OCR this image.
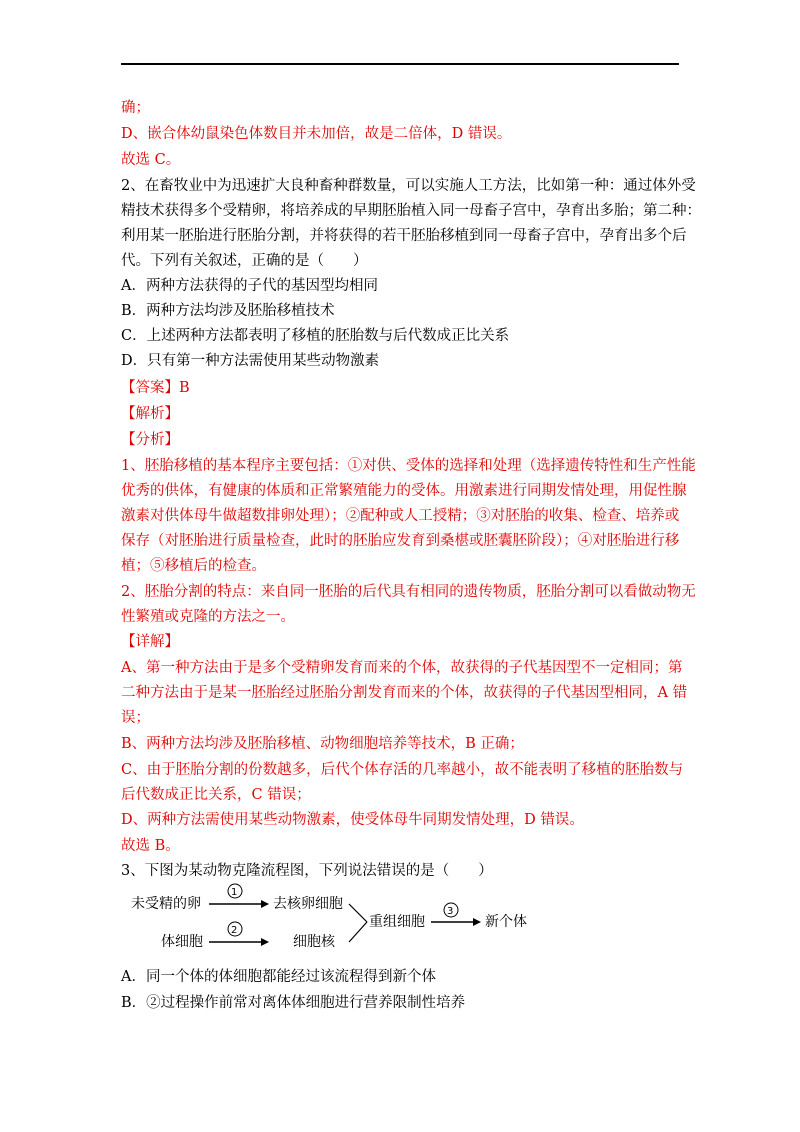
确；
D、嵌合体幼鼠染色体数目并未加倍，故是二倍体，D 错误。
故选 C。
2、在畜牧业中为迅速扩大良种畜种群数量，可以实施人工方法，比如第一种：通过体外受
精技术获得多个受精卵，将培养成的早期胚胎植入同一母畜子宫中，孕育出多胎；第二种：
利用某一胚胎进行胚胎分割，并将获得的若干胚胎移植到同一母畜子宫中，孕育出多个后
代。下列有关叙述，正确的是（　　）
A．两种方法获得的子代的基因型均相同
B．两种方法均涉及胚胎移植技术
C．上述两种方法都表明了移植的胚胎数与后代数成正比关系
D．只有第一种方法需使用某些动物激素
【答案】B
【解析】
【分析】
1、胚胎移植的基本程序主要包括：①对供、受体的选择和处理（选择遗传特性和生产性能
优秀的供体，有健康的体质和正常繁殖能力的受体。用激素进行同期发情处理，用促性腺
激素对供体母牛做超数排卵处理）；②配种或人工授精；③对胚胎的收集、检查、培养或
保存（对胚胎进行质量检查，此时的胚胎应发育到桑椹或胚囊胚阶段）；④对胚胎进行移
植；⑤移植后的检查。
2、胚胎分割的特点：来自同一胚胎的后代具有相同的遗传物质，胚胎分割可以看做动物无
性繁殖或克隆的方法之一。
【详解】
A、第一种方法由于是多个受精卵发育而来的个体，故获得的子代基因型不一定相同；第
二种方法由于是某一胚胎经过胚胎分割发育而来的个体，故获得的子代基因型相同，A 错
误；
B、两种方法均涉及胚胎移植、动物细胞培养等技术，B 正确；
C、由于胚胎分割的份数越多，后代个体存活的几率越小，故不能表明了移植的胚胎数与
后代数成正比关系，C 错误；
D、两种方法需使用某些动物激素，使受体母牛同期发情处理，D 错误。
故选 B。
3、下图为某动物克隆流程图，下列说法错误的是（　　）
未受精的卵
1
去核卵细胞
体细胞
2
细胞核
重组细胞
3
新个体
A．同一个体的体细胞都能经过该流程得到新个体
B．②过程操作前常对离体体细胞进行营养限制性培养
